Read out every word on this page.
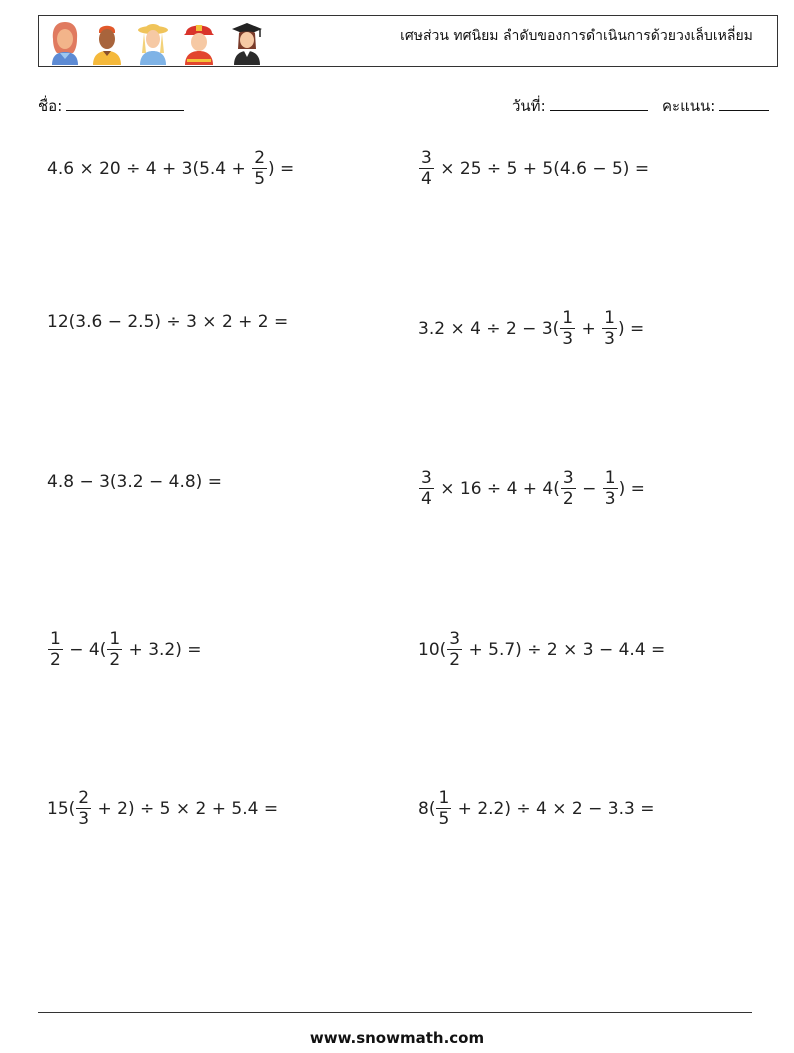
เศษส่วน ทศนิยม ลำดับของการดำเนินการด้วยวงเล็บเหลี่ยม
ชื่อ:	วันที่:	คะแนน:
$4.6 \times 20 \div 4 + 3(5.4 + \frac{2}{5}$ ) =	$\frac{3}{4} \times 25 \div 5 + 5(4.6 - 5)$ =
12(3.6 − 2.5) ÷ 3 × 2 + 2 =	$3.2 \times 4 \div 2 - 3( \frac{1}{3} + \frac{1}{3}$ ) =
4.8 − 3(3.2 − 4.8) =	$\frac{3}{4} \times 16 \div 4 + 4( \frac{3}{2} - \frac{1}{3}$ ) =
$\frac{1}{2} - 4( \frac{1}{2} + 3.2)$ =	$10( \frac{3}{2} + 5.7) \div 2 \times 3 - 4.4$ =
$15( \frac{2}{3} + 2) \div 5 \times 2 + 5.4$ =	$8( \frac{1}{5} + 2.2) \div 4 \times 2 - 3.3$ =
www.snowmath.com
